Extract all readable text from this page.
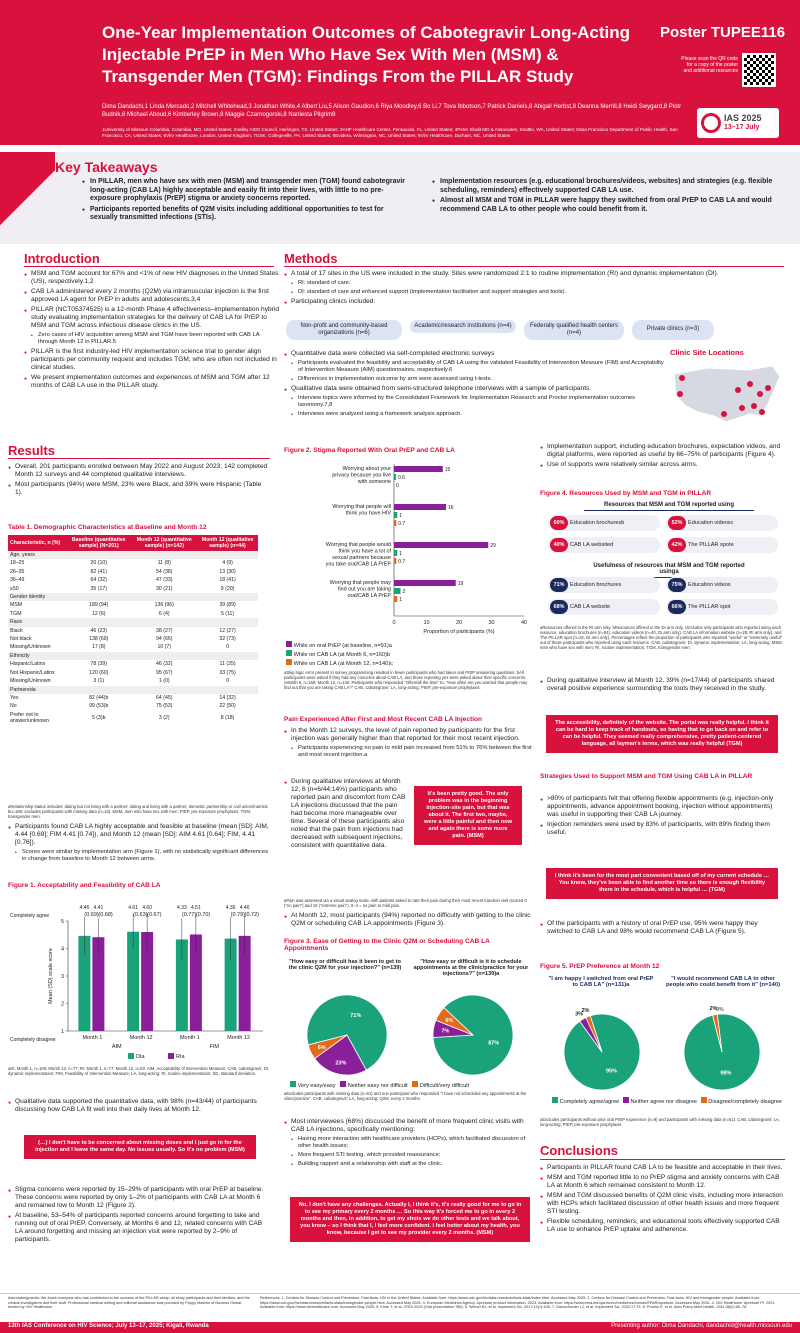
One-Year Implementation Outcomes of Cabotegravir Long-Acting Injectable PrEP in Men Who Have Sex With Men (MSM) & Transgender Men (TGM): Findings From the PILLAR Study
Poster TUPEE116
Please scan the QR code for a copy of the poster and additional resources
Dima Dandachi,1 Linda Mercado,2 Mitchell Whitehead,3 Jonathan White,4 Albert Liu,5 Alison Gaudion,6 Riya Moodley,6 Bo Li,7 Tova Ibbotson,7 Patrick Daniels,8 Abigail Herbst,8 Deanna Merrill,8 Heidi Swygard,8 Piotr Budnik,6 Michael Aboud,6 Kimberley Brown,8 Maggie Czarnogorski,8 Nanlesta Pilgrim8
1University of Missouri-Columbia, Columbia, MO, United States; 2Valley AIDS Council, Harlingen, TX, United States; 3AHF Healthcare Center, Pensacola, FL, United States; 4Peter Shalit MD & Associates, Seattle, WA, United States; 5San Francisco Department of Public Health, San Francisco, CA, United States; 6ViiV Healthcare, London, United Kingdom; 7GSK, Collegeville, PA, United States; 8Evidera, Wilmington, NC, United States; 8ViiV Healthcare, Durham, NC, United States
IAS 2025
13–17 July
Key Takeaways
● In PILLAR, men who have sex with men (MSM) and transgender men (TGM) found cabotegravir long-acting (CAB LA) highly acceptable and easily fit into their lives, with little to no pre-exposure prophylaxis (PrEP) stigma or anxiety concerns reported.
● Participants reported benefits of Q2M visits including additional opportunities to test for sexually transmitted infections (STIs).
● Implementation resources (e.g. educational brochures/videos, websites) and strategies (e.g. flexible scheduling, reminders) effectively supported CAB LA use.
● Almost all MSM and TGM in PILLAR were happy they switched from oral PrEP to CAB LA and would recommend CAB LA to other people who could benefit from it.
Introduction
● MSM and TGM account for 67% and <1% of new HIV diagnoses in the United States (US), respectively.1,2
● CAB LA administered every 2 months (Q2M) via intramuscular injection is the first approved LA agent for PrEP in adults and adolescents.3,4
● PILLAR (NCT05374525) is a 12-month Phase 4 effectiveness–implementation hybrid study evaluating implementation strategies for the delivery of CAB LA for PrEP to MSM and TGM across infectious disease clinics in the US.
• Zero cases of HIV acquisition among MSM and TGM have been reported with CAB LA through Month 12 in PILLAR.5
● PILLAR is the first industry-led HIV implementation science trial to gender align participants per community request and includes TGM, who are often not included in clinical studies.
● We present implementation outcomes and experiences of MSM and TGM after 12 months of CAB LA use in the PILLAR study.
Methods
● A total of 17 sites in the US were included in the study. Sites were randomized 2:1 to routine implementation (RI) and dynamic implementation (DI).
• RI: standard of care.
• DI: standard of care and enhanced support (implementation facilitation and support strategies and tools).
● Participating clinics included:
Non-profit and community-based organizations (n=6)
Academic/research institutions (n=4)	Federally qualified health centers (n=4)
Private clinics (n=3)
● Quantitative data were collected via self-completed electronic surveys
• Participants evaluated the feasibility and acceptability of CAB LA using the validated Feasibility of Intervention Measure (FIM) and Acceptability of Intervention Measure (AIM) questionnaires, respectively.6
• Differences in implementation outcome by arm were assessed using t-tests.
● Qualitative data were obtained from semi-structured telephone interviews with a sample of participants.
• Interview topics were informed by the Consolidated Framework for Implementation Research and Proctor implementation outcomes taxonomy.7,8
• Interviews were analyzed using a framework analysis approach.
Clinic Site Locations
Results
● Overall, 201 participants enrolled between May 2022 and August 2023; 142 completed Month 12 surveys and 44 completed qualitative interviews.
● Most participants (94%) were MSM, 23% were Black, and 39% were Hispanic (Table 1).
Table 1. Demographic Characteristics at Baseline and Month 12
Characteristic, n (%)	Baseline (quantitative sample) (N=201)	Month 12 (quantitative sample) (n=142)	Month 12 (qualitative sample) (n=44)
Age, years			
18–25	20 (10)	11 (8)	4 (9)
26–35	82 (41)	54 (38)	13 (30)
36–49	64 (32)	47 (33)	18 (41)
≥50	35 (17)	30 (21)	9 (20)
Gender identity			
MSM	189 (94)	136 (96)	39 (89)
TGM	12 (6)	6 (4)	5 (11)
Race			
Black	46 (23)	38 (27)	12 (27)
Not black	138 (69)	94 (66)	32 (73)
Missing/Unknown	17 (8)	10 (7)	0
Ethnicity			
Hispanic/Latinx	78 (39)	46 (32)	11 (25)
Not Hispanic/Latinx	120 (60)	95 (67)	33 (75)
Missing/Unknown	3 (1)	1 (0)	0
Partnereda			
Yes	82 (44)b	64 (45)	14 (32)
No	99 (53)b	75 (53)	22 (50)
Prefer not to answer/unknown	5 (3)b	3 (2)	8 (18)
aRelationship status includes: dating but not living with a partner; dating and living with a partner; domestic partnership or civil union/married. bn=186; excludes participants with missing data (n=15). MSM, men who have sex with men; PrEP, pre-exposure prophylaxis; TGM, transgender men.
● Participants found CAB LA highly acceptable and feasible at baseline (mean [SD]: AIM, 4.44 [0.69]; FIM 4.41 [0.74]), and Month 12 (mean [SD]: AIM 4.61 [0.64]; FIM, 4.41 [0.76]).
• Scores were similar by implementation arm (Figure 1), with no statistically significant differences in change from baseline to Month 12 between arms.
Figure 1. Acceptability and Feasibility of CAB LA
1
2
3
4
5
Completely agree
Completely disagree
Mean (SD) scale score
4.46
(0.69)
4.41
(0.68)
Month 1
4.61
(0.63)
4.60
(0.67)
Month 12
4.33
(0.77)
4.51
(0.70)
Month 1
4.36
(0.79)
4.46
(0.72)
Month 12
AIM	FIM
DIa	RIa
aDI, Month 1, n=105; Month 12, n=77; RI: Month 1, n=77; Month 12, n=63. AIM, Acceptability of Intervention Measure; CAB, cabotegravir; DI, dynamic implementation; FIM, Feasibility of Intervention Measure; LA, long-acting; RI, routine implementation; SD, standard deviation.
● Qualitative data supported the quantitative data, with 98% (n=43/44) of participants discussing how CAB LA fit well into their daily lives at Month 12.
(…) I don't have to be concerned about missing doses and I just go in for the injection and I leave the same day. No issues usually. So it's no problem (MSM)
● Stigma concerns were reported by 15–29% of participants with oral PrEP at baseline. These concerns were reported by only 1–2% of participants with CAB LA at Month 6 and remained low to Month 12 (Figure 2).
● At baseline, 53–54% of participants reported concerns around forgetting to take and running out of oral PrEP. Conversely, at Months 6 and 12, related concerns with CAB LA around forgetting and missing an injection visit were reported by 2–9% of participants.
Figure 2. Stigma Reported With Oral PrEP and CAB LA
0	10	20	30	40
Proportion of participants (%)
Worrying about your
privacy because you live
with someone
15
0.6
0
Worrying that people will
think you have HIV
16
1
0.7
Worrying that people would
think you have a lot of
sexual partners because
you take oral/CAB LA PrEP
29
1
0.7
Worrying that people may
find out you are taking
oral/CAB LA PrEP
19
2
1
While on oral PrEP (at baseline, n=91)a
While on CAB LA (at Month 6, n=160)b
While on CAB LA (at Month 12, n=140)c
aSkip logic error present in survey programming resulted in fewer participants who had taken oral PrEP answering questions. bAll participants were asked if they had any concerns about CAB LA, and those reporting yes were asked about their specific concerns. cMonth 6, n=159; Month 12, n=140. Participants who responded "Often/all the time" to, "How often are you worried that people may find out that you are taking CAB LA?" CAB, cabotegravir; LA, long-acting; PrEP, pre-exposure prophylaxis.
Pain Experienced After First and Most Recent CAB LA Injection
● In the Month 12 surveys, the level of pain reported by participants for the first injection was generally higher than that reported for their most recent injection.
• Participants experiencing no pain to mild pain increased from 51% to 76% between the first and most recent injection.a
● During qualitative interviews at Month 12, 6 (n=6/44;14%) participants who reported pain and discomfort from CAB LA injections discussed that the pain had become more manageable over time. Several of these participants also noted that the pain from injections had decreased with subsequent injections, consistent with quantitative data.
It's been pretty good. The only problem was in the beginning injection-site pain, but that was about it. The first two, maybe, were a little painful and then now and again there is some more pain. (MSM)
aPain was assessed via a visual analog scale, with patients asked to rate their pain during their most recent injection visit (scored 0 ("no pain") and 10 ("extreme pain"). 0–4 = no pain to mild pain.
● At Month 12, most participants (94%) reported no difficulty with getting to the clinic Q2M or scheduling CAB LA appointments (Figure 3).
Figure 3. Ease of Getting to the Clinic Q2M or Scheduling CAB LA Appointments
"How easy or difficult has it been to get to the clinic Q2M for your injection?" (n=139)
"How easy or difficult is it to schedule appointments at the clinic/practice for your injections?" (n=139)a
71%
23%
6%
87%
7%
6%
Very easy/easy Neither easy nor difficult Difficult/very difficult
aExcludes participants with missing data (n=61) and one participant who responded "I have not scheduled any appointments at the clinic/practice". CAB, cabotegravir; LA, long-acting; Q2M, every 2 months.
● Most interviewees (68%) discussed the benefit of more frequent clinic visits with CAB LA injections, specifically mentioning:
• Having more interaction with healthcare providers (HCPs), which facilitated discussion of other health issues;
• More frequent STI testing, which provided reassurance;
• Building rapport and a relationship with staff at the clinic.
No, I don't have any challenges. Actually I, I think it's, it's really good for me to go in to see my primary every 2 months … So this way it's forced me to go in every 2 months and then, in addition, to get my shots we do other tests and we talk about, you know – so I think that I, I feel more confident. I feel better about my health, you know, because I get to see my provider every 2 months. (MSM)
● Implementation support, including education brochures, expectation videos, and digital platforms, were reported as useful by 66–75% of participants (Figure 4).
● Use of supports were relatively similar across arms.
Figure 4. Resources Used by MSM and TGM in PILLAR
Resources that MSM and TGM reported using
60%	Education brochuresb	52%	Education videosc
40%	CAB LA websited	42%	The PILLAR spote
Usefulness of resources that MSM and TGM reported usinga
71%	Education brochures	75%	Education videos
68%	CAB LA website	66%	The PILLAR spot
aResources offered in the RI arm only. bResources offered in the DI arm only. cIncludes only participants who reported using each resource, education brochures (n=84), education videos (n=40, DI arm only), CAB LA information website (n=25; RI arm only), and The PILLAR spot (n=32, DI arm only). Percentages reflect the proportion of participants who reported "useful" or "extremely useful" out of those participants who reported using each resource. CAB, cabotegravir; DI, dynamic implementation; LA, long-acting; MSM, men who have sex with men; RI, routine implementation; TGM, transgender men.
● During qualitative interview at Month 12, 39% (n=17/44) of participants shared overall positive experience surrounding the tools they received in the study.
The accessibility, definitely of the website. The portal was really helpful. I think it can be hard to keep track of handouts, so having that to go back on and refer to can be helpful. They seemed really comprehensive, pretty patient-centered language, all layman's terms, which was really helpful (TGM)
Strategies Used to Support MSM and TGM Using CAB LA in PILLAR
● >80% of participants felt that offering flexible appointments (e.g. injection-only appointments, advance appointment booking, injection without appointments) was useful in supporting their CAB LA journey.
● Injection reminders were used by 83% of participants, with 89% finding them useful.
I think it's been for the most part convenient based off of my current schedule … You know, they've been able to find another time so there is enough flexibility there in the schedule, which is helpful … (TGM)
● Of the participants with a history of oral PrEP use, 95% were happy they switched to CAB LA and 98% would recommend CAB LA (Figure 5).
Figure 5. PrEP Preference at Month 12
"I am happy I switched from oral PrEP to CAB LA" (n=131)a
"I would recommend CAB LA to other people who could benefit from it" (n=140)
95%
3%
2%
98%
2%
0%
Completely agree/agree	Neither agree nor disagree	Disagree/completely disagree
aExcludes participants without prior oral PrEP experience (n=9) and participants with missing data (n=61). CAB, cabotegravir; LA, long-acting; PrEP, pre-exposure prophylaxis
Conclusions
● Participants in PILLAR found CAB LA to be feasible and acceptable in their lives.
● MSM and TGM reported little to no PrEP stigma and anxiety concerns with CAB LA at Month 6 which remained consistent to Month 12.
● MSM and TGM discussed benefits of Q2M clinic visits, including more interaction with HCPs which facilitated discussion of other health issues and more frequent STI testing.
● Flexible scheduling, reminders, and educational tools effectively supported CAB LA use to enhance PrEP uptake and adherence.
Acknowledgments: We thank everyone who has contributed to the success of the PILLAR study: all study participants and their families, and the clinical investigators and their staff. Professional medical writing and editorial assistance was provided by Poppy Mashilo of Nucleus Global, funded by ViiV Healthcare.
References: 1. Centers for Disease Control and Prevention. Fast facts: HIV in the United States. Available from: https://www.cdc.gov/hiv/data-research/facts-stats/index.html. Accessed May 2025. 2. Centers for Disease Control and Prevention. Fast facts: HIV and transgender people. Available from: https://www.cdc.gov/hiv/data-research/facts-stats/transgender-people.html. Accessed May 2025. 3. European Medicines Agency. Apretude product information. 2023. Available from: https://www.ema.europa.eu/en/medicines/human/EPAR/apretude. Accessed May 2025. 4. ViiV Healthcare. Apretude PI. 2021. Available from: https://www.viivhealthcare.com. Accessed May 2025. 5. Khan T, et al. CROI 2025 (Oral presentation 786). 6. Weiner BJ, et al. Implement Sci. 2017;12(1):108. 7. Damschroder LJ, et al. Implement Sci. 2022;17:75. 8. Proctor E, et al. Adm Policy Ment Health. 2011;38(2):65–76.
13th IAS Conference on HIV Science; July 13–17, 2025; Kigali, Rwanda	Presenting author: Dima Dandachi, dandachid@health.missouri.edu
